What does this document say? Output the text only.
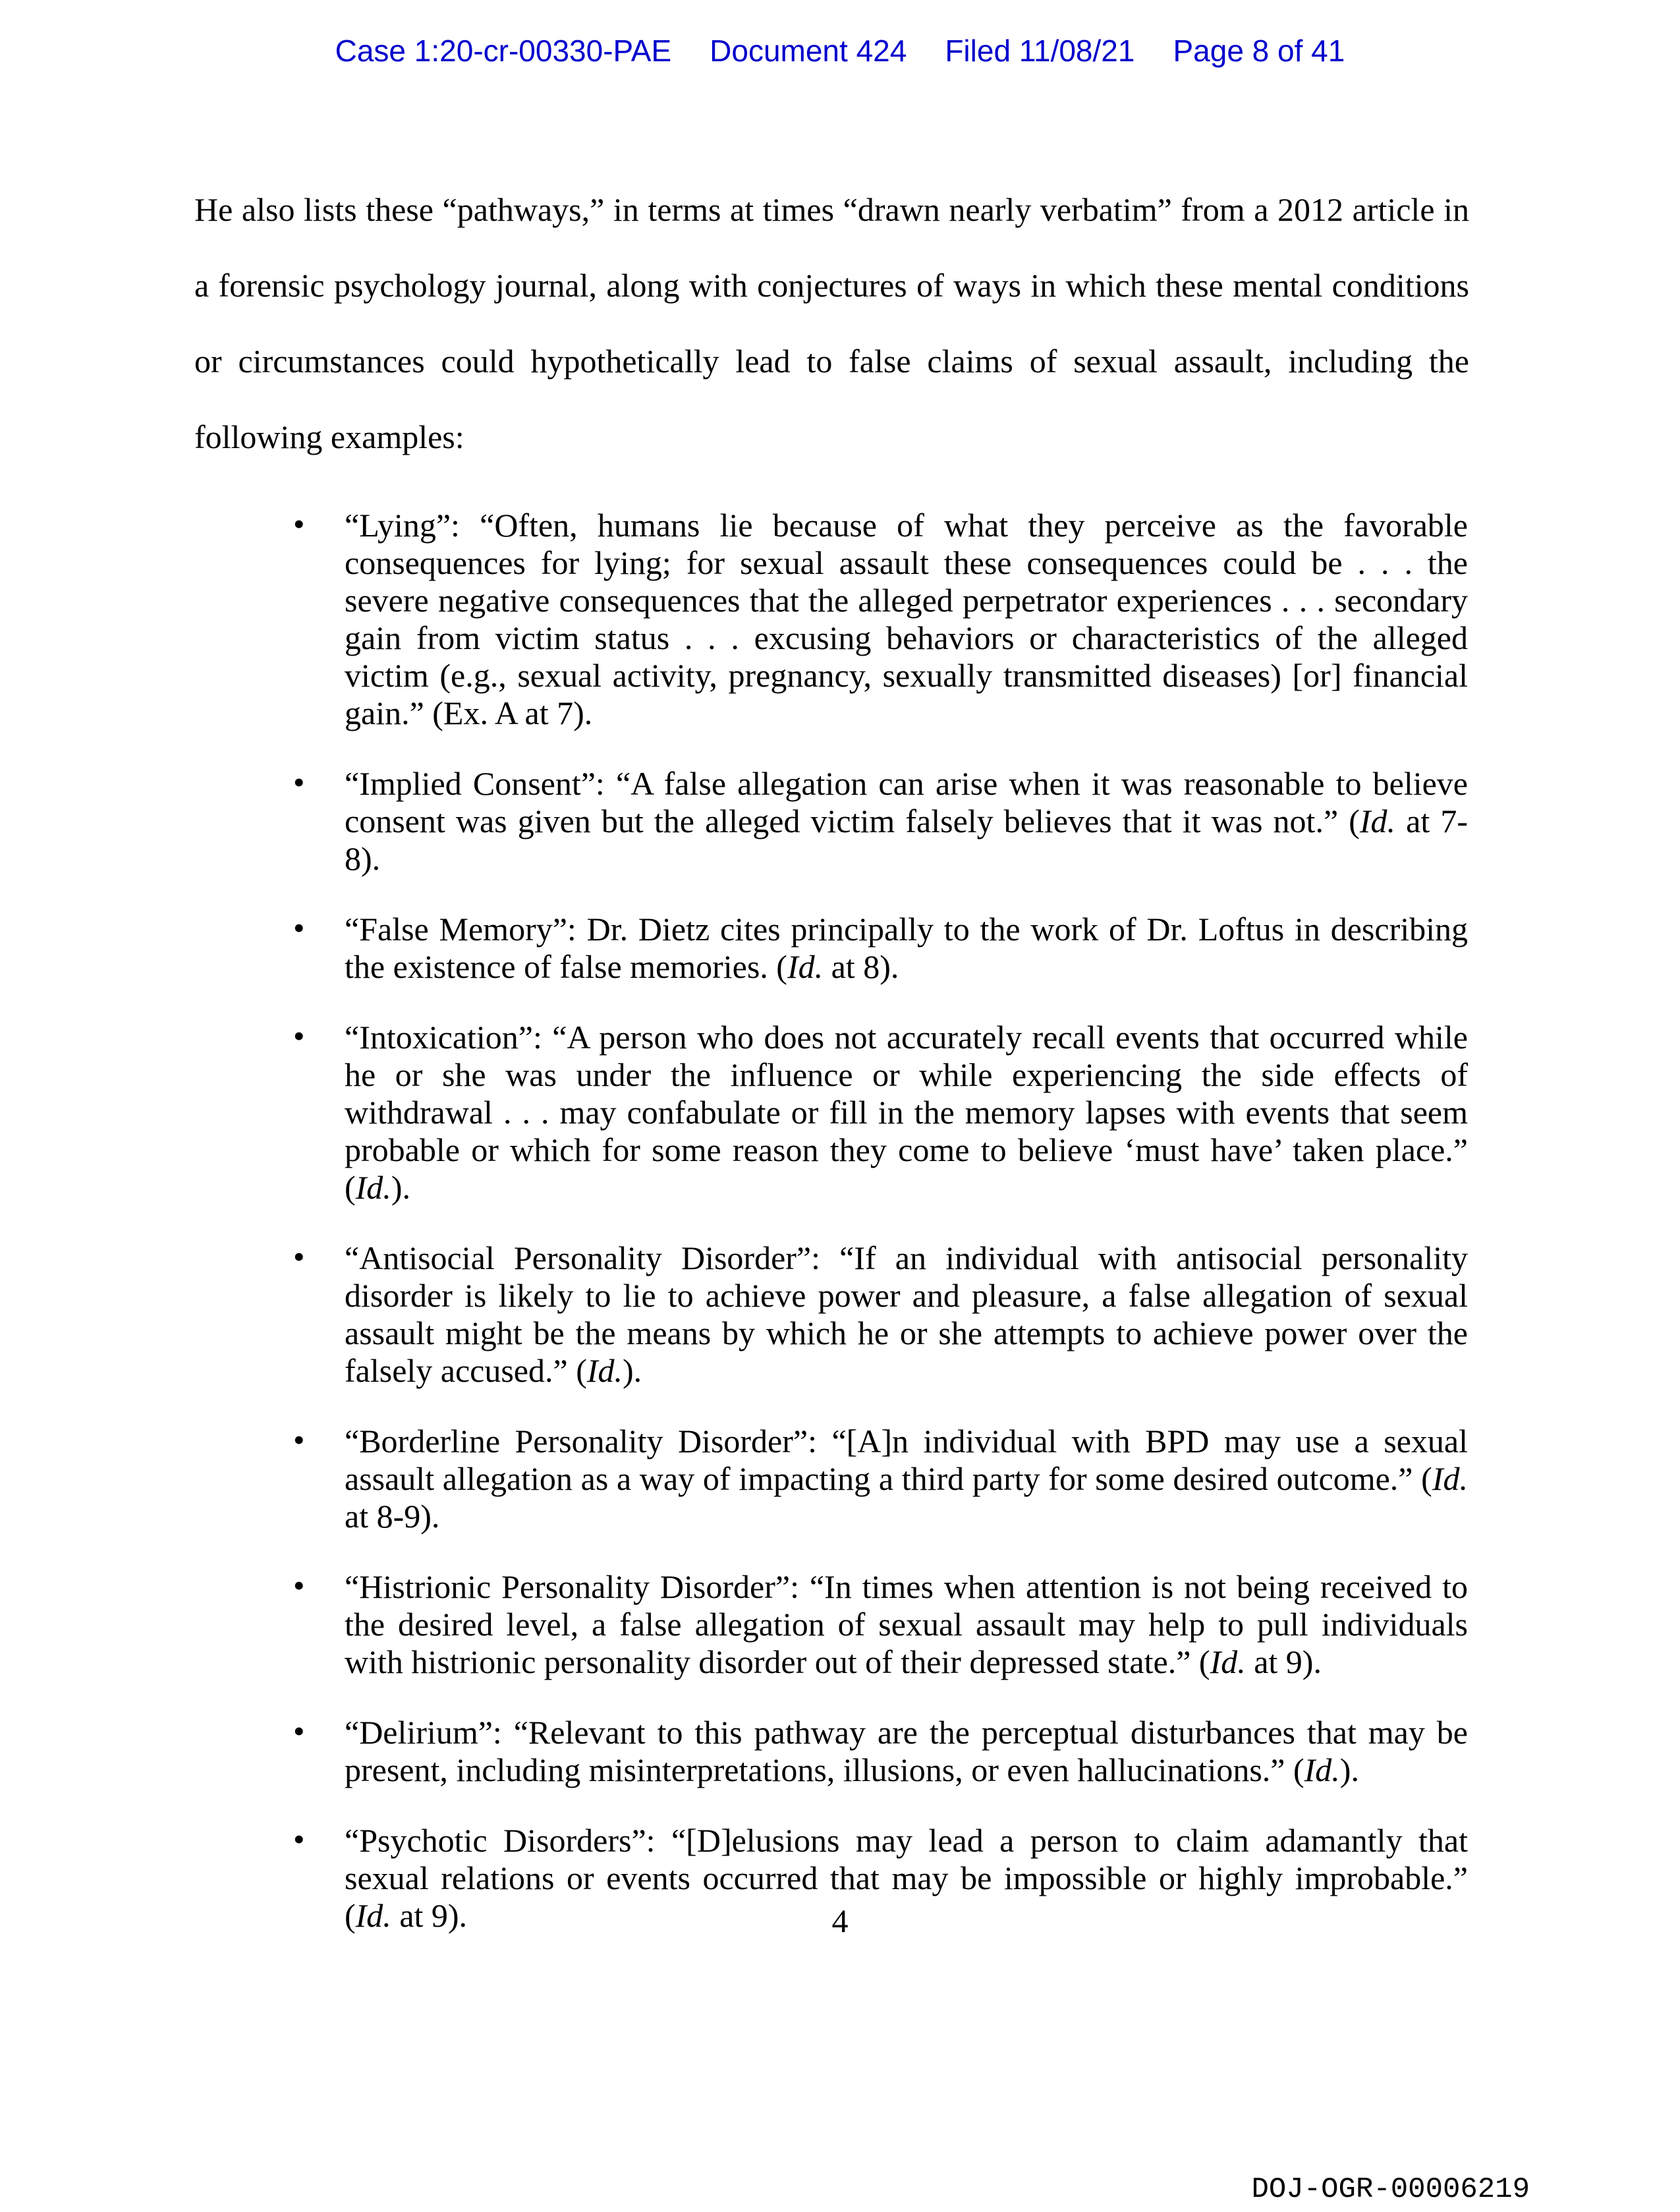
Case 1:20-cr-00330-PAE Document 424 Filed 11/08/21 Page 8 of 41

He also lists these “pathways,” in terms at times “drawn nearly verbatim” from a 2012 article in a forensic psychology journal, along with conjectures of ways in which these mental conditions or circumstances could hypothetically lead to false claims of sexual assault, including the following examples:

• “Lying”: “Often, humans lie because of what they perceive as the favorable consequences for lying; for sexual assault these consequences could be . . . the severe negative consequences that the alleged perpetrator experiences . . . secondary gain from victim status . . . excusing behaviors or characteristics of the alleged victim (e.g., sexual activity, pregnancy, sexually transmitted diseases) [or] financial gain.” (Ex. A at 7).
• “Implied Consent”: “A false allegation can arise when it was reasonable to believe consent was given but the alleged victim falsely believes that it was not.” (Id. at 7-8).
• “False Memory”: Dr. Dietz cites principally to the work of Dr. Loftus in describing the existence of false memories. (Id. at 8).
• “Intoxication”: “A person who does not accurately recall events that occurred while he or she was under the influence or while experiencing the side effects of withdrawal . . . may confabulate or fill in the memory lapses with events that seem probable or which for some reason they come to believe ‘must have’ taken place.” (Id.).
• “Antisocial Personality Disorder”: “If an individual with antisocial personality disorder is likely to lie to achieve power and pleasure, a false allegation of sexual assault might be the means by which he or she attempts to achieve power over the falsely accused.” (Id.).
• “Borderline Personality Disorder”: “[A]n individual with BPD may use a sexual assault allegation as a way of impacting a third party for some desired outcome.” (Id. at 8-9).
• “Histrionic Personality Disorder”: “In times when attention is not being received to the desired level, a false allegation of sexual assault may help to pull individuals with histrionic personality disorder out of their depressed state.” (Id. at 9).
• “Delirium”: “Relevant to this pathway are the perceptual disturbances that may be present, including misinterpretations, illusions, or even hallucinations.” (Id.).
• “Psychotic Disorders”: “[D]elusions may lead a person to claim adamantly that sexual relations or events occurred that may be impossible or highly improbable.” (Id. at 9).	4
DOJ-OGR-00006219
